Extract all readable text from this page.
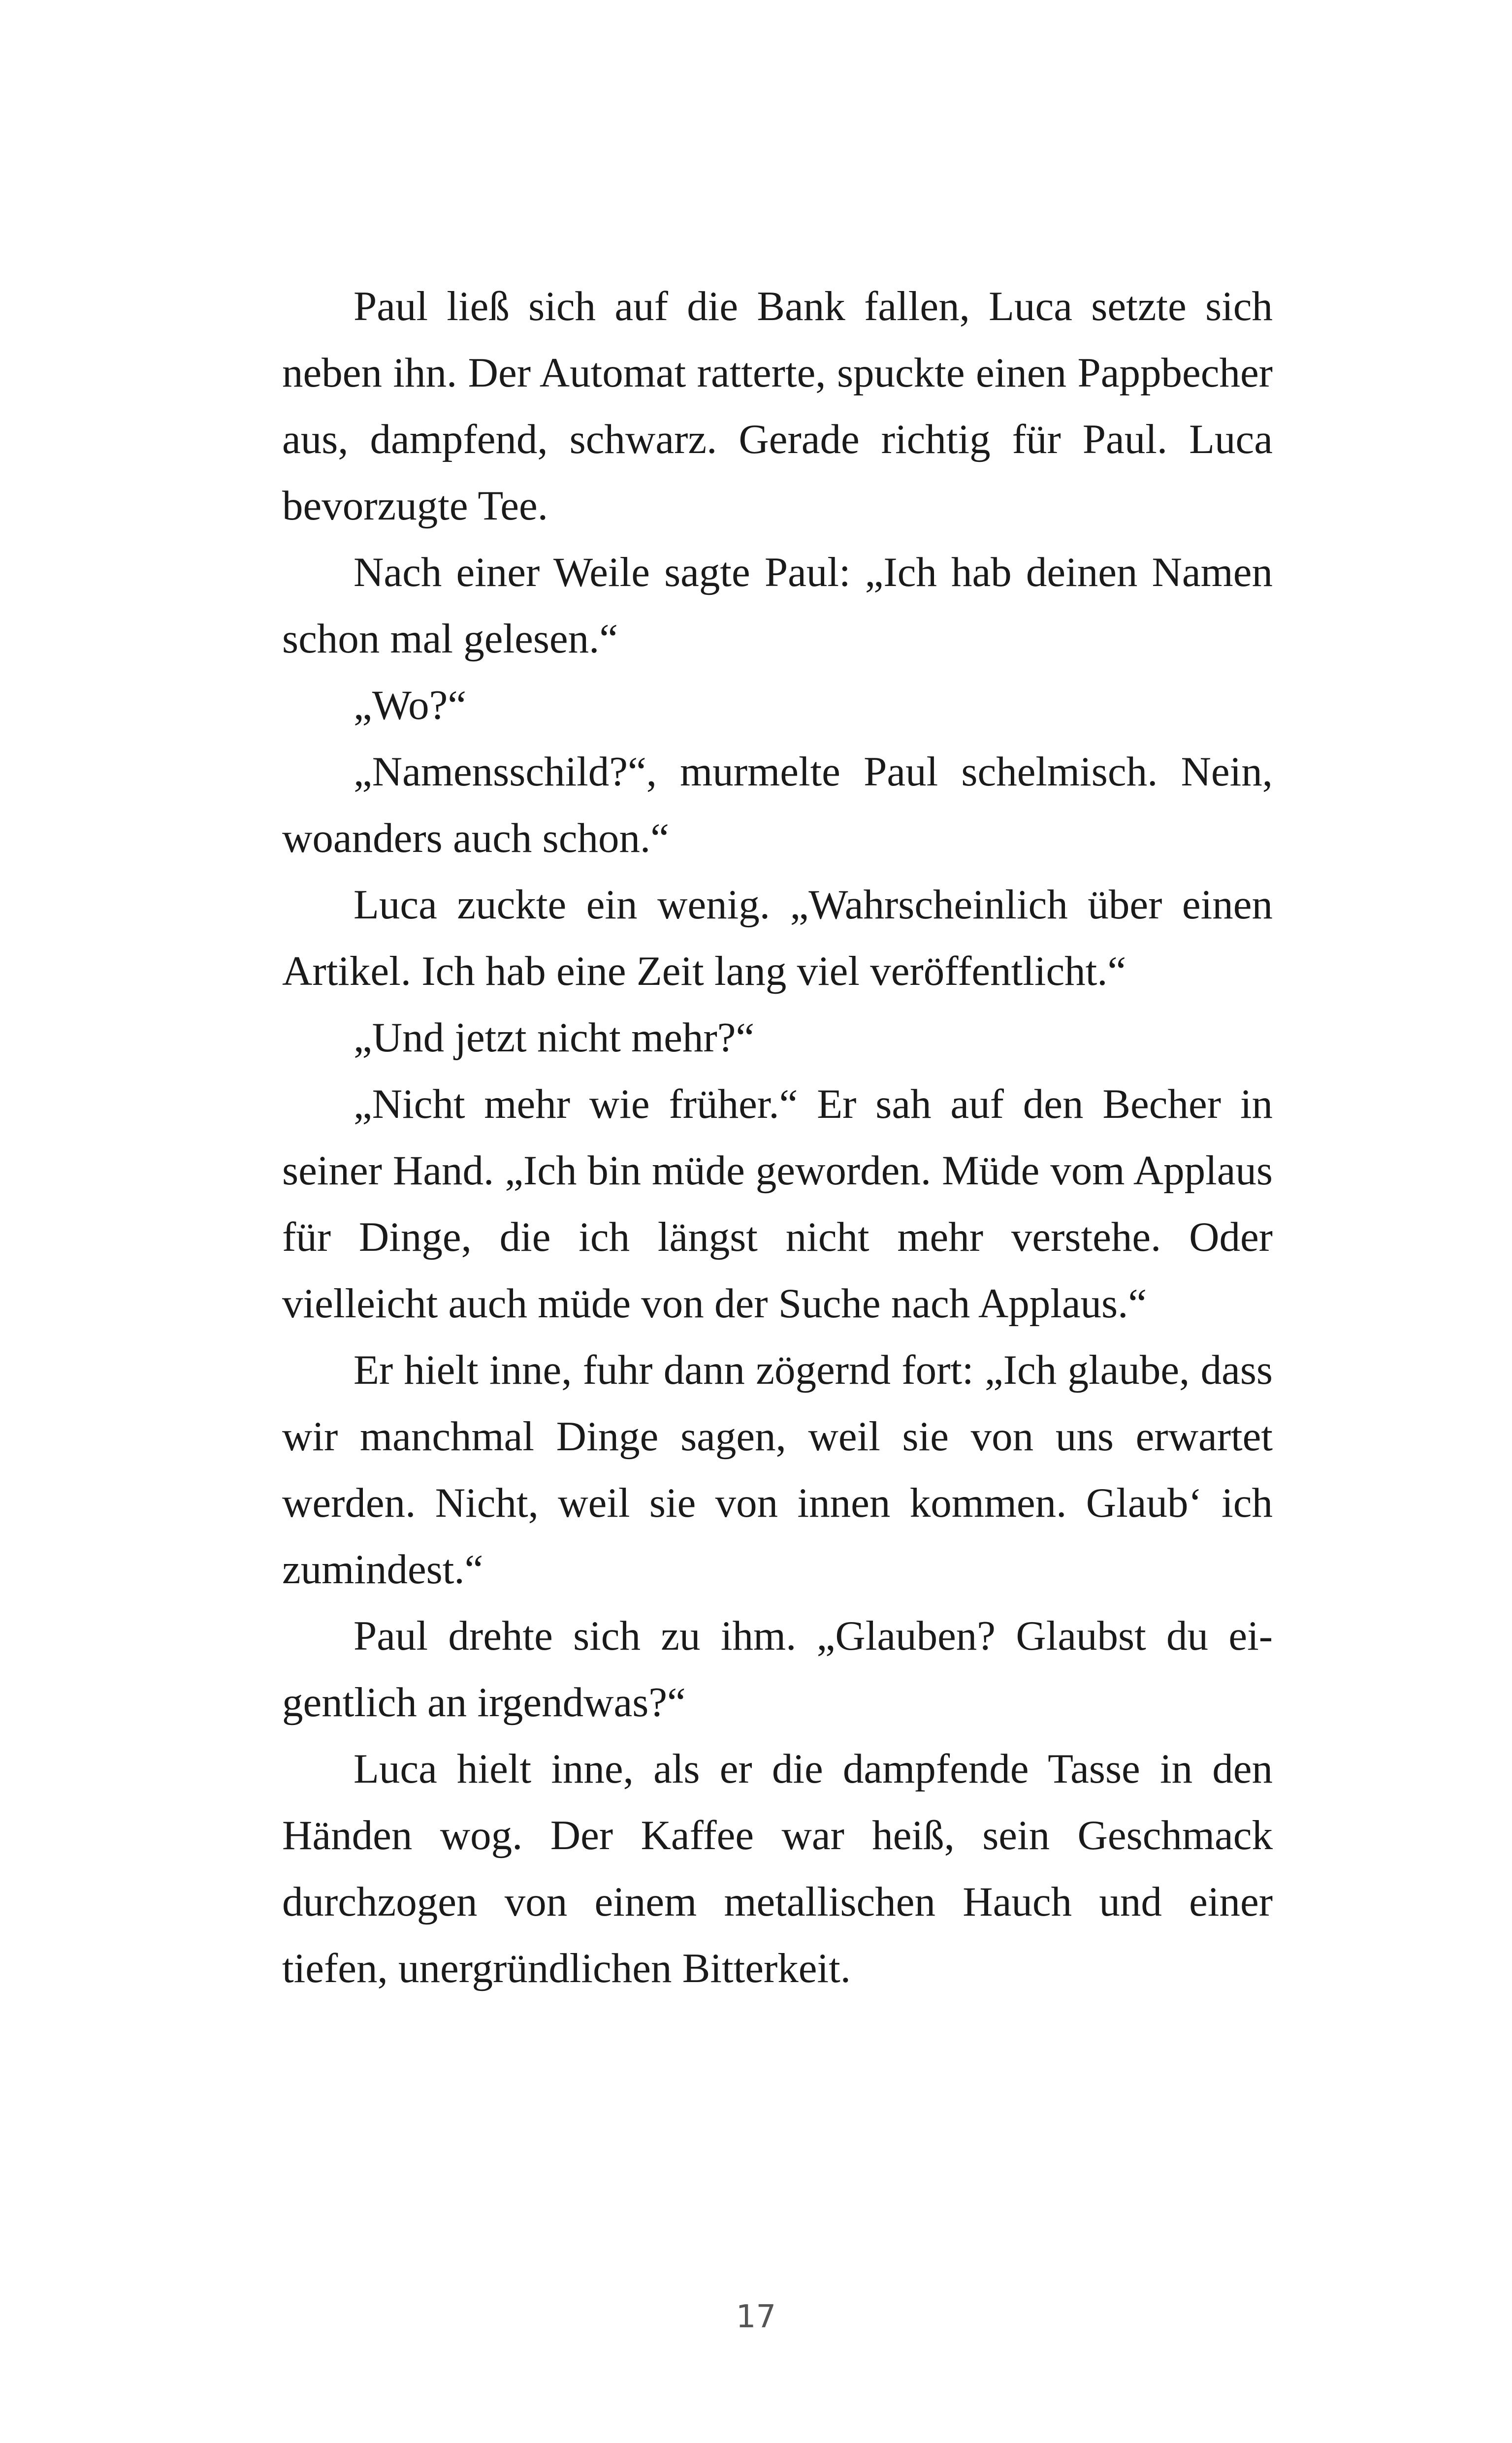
Paul ließ sich auf die Bank fallen, Luca setzte sich neben ihn. Der Automat ratterte, spuckte einen Pappbecher aus, dampfend, schwarz. Gerade richtig für Paul. Luca bevorzugte Tee.

Nach einer Weile sagte Paul: „Ich hab deinen Namen schon mal gelesen.“

„Wo?“

„Namensschild?“, murmelte Paul schelmisch. Nein, woanders auch schon.“

Luca zuckte ein wenig. „Wahrscheinlich über einen Artikel. Ich hab eine Zeit lang viel veröffentlicht.“

„Und jetzt nicht mehr?“

„Nicht mehr wie früher.“ Er sah auf den Becher in seiner Hand. „Ich bin müde geworden. Müde vom Applaus für Dinge, die ich längst nicht mehr verstehe. Oder vielleicht auch müde von der Suche nach Applaus.“

Er hielt inne, fuhr dann zögernd fort: „Ich glaube, dass wir manchmal Dinge sagen, weil sie von uns erwartet werden. Nicht, weil sie von innen kommen. Glaub‘ ich zumindest.“

Paul drehte sich zu ihm. „Glauben? Glaubst du eigentlich an irgendwas?“

Luca hielt inne, als er die dampfende Tasse in den Händen wog. Der Kaffee war heiß, sein Geschmack durchzogen von einem metallischen Hauch und einer tiefen, unergründlichen Bitterkeit.

17
